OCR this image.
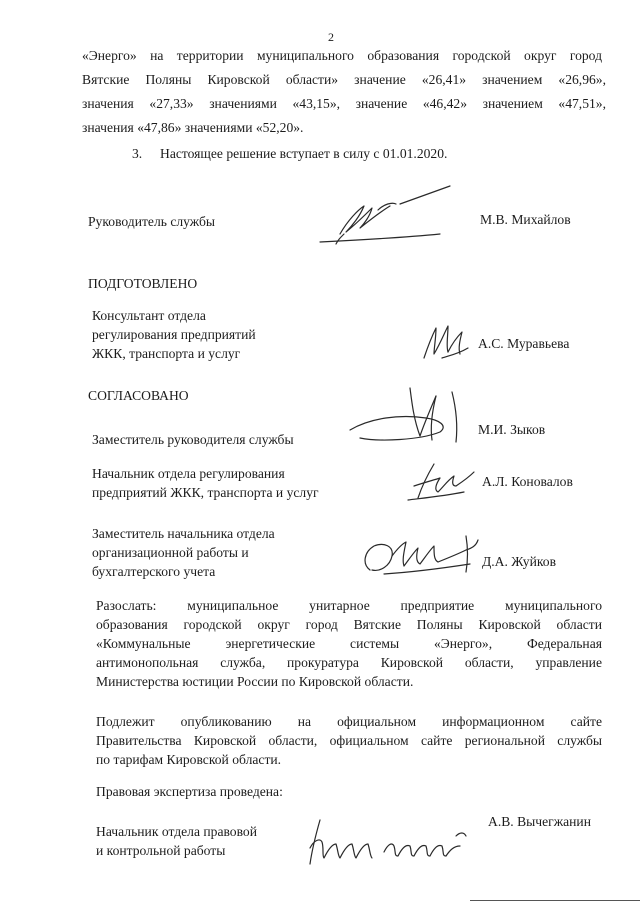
2
«Энерго» на территории муниципального образования городской округ город
Вятские Поляны Кировской области» значение «26,41» значением «26,96»,
значения «27,33» значениями «43,15», значение «46,42» значением «47,51»,
значения «47,86» значениями «52,20».
3. Настоящее решение вступает в силу с 01.01.2020.
Руководитель службы	М.В. Михайлов
ПОДГОТОВЛЕНО
Консультант отдела
регулирования предприятий
ЖКК, транспорта и услуг
А.С. Муравьева
СОГЛАСОВАНО
Заместитель руководителя службы
М.И. Зыков
Начальник отдела регулирования
предприятий ЖКК, транспорта и услуг
А.Л. Коновалов
Заместитель начальника отдела
организационной работы и
бухгалтерского учета
Д.А. Жуйков
Разослать: муниципальное унитарное предприятие муниципального
образования городской округ город Вятские Поляны Кировской области
«Коммунальные энергетические системы «Энерго», Федеральная
антимонопольная служба, прокуратура Кировской области, управление
Министерства юстиции России по Кировской области.
Подлежит опубликованию на официальном информационном сайте
Правительства Кировской области, официальном сайте региональной службы
по тарифам Кировской области.
Правовая экспертиза проведена:
Начальник отдела правовой
и контрольной работы
А.В. Вычегжанин
